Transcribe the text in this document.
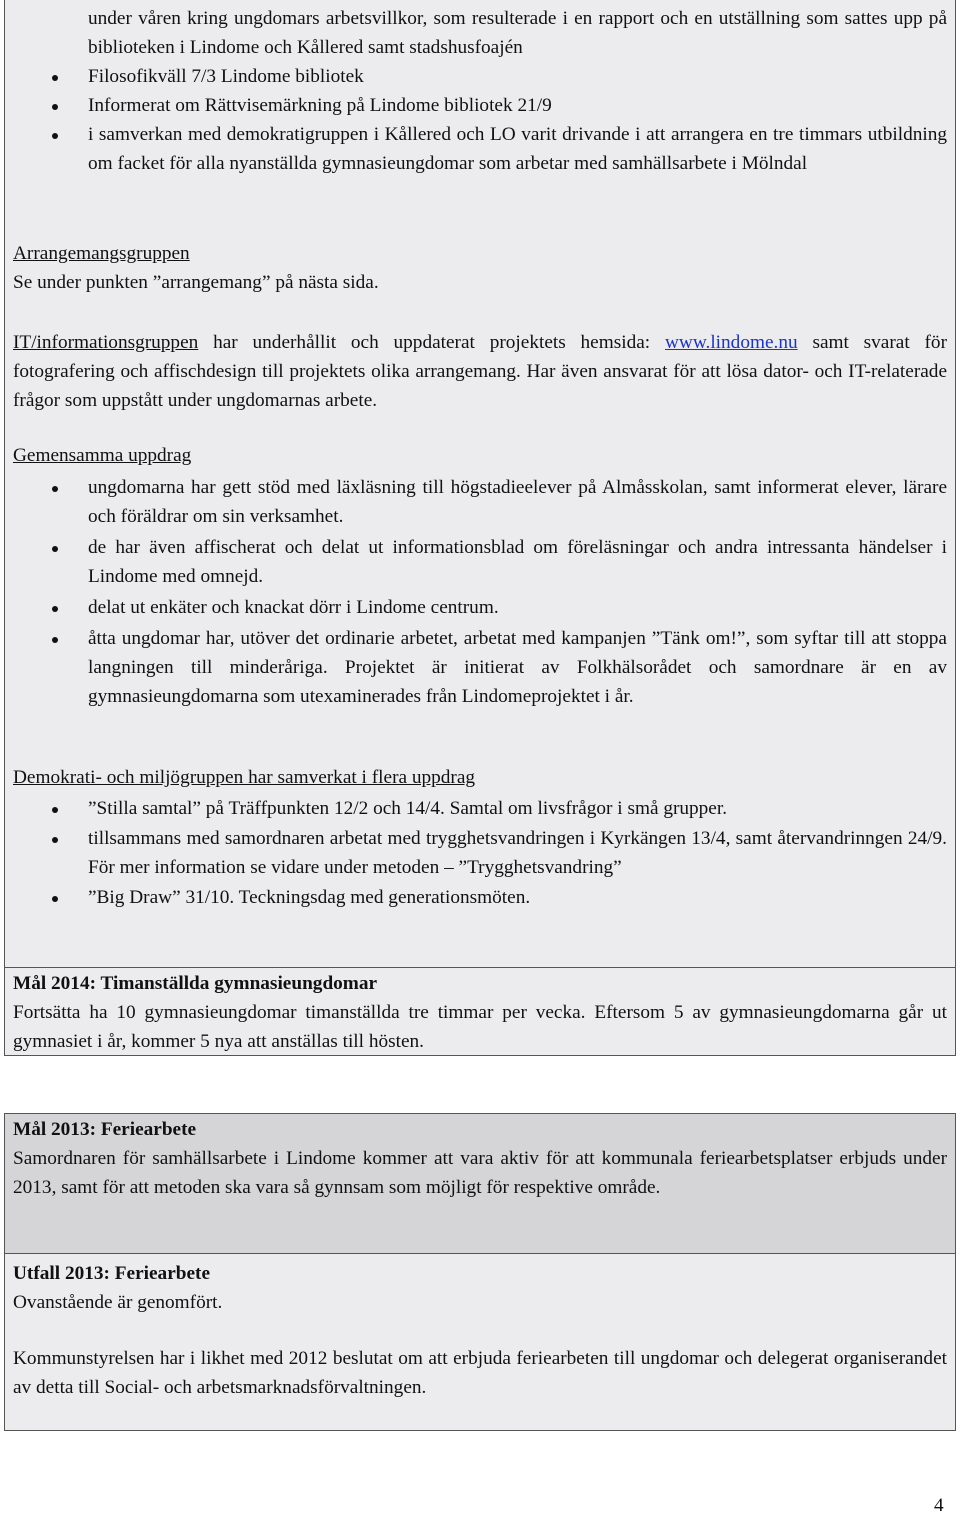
under våren kring ungdomars arbetsvillkor, som resulterade i en rapport och en utställning som sattes upp på biblioteken i Lindome och Kållered samt stadshusfoajén
Filosofikväll 7/3 Lindome bibliotek
Informerat om Rättvisemärkning på Lindome bibliotek 21/9
i samverkan med demokratigruppen i Kållered och LO varit drivande i att arrangera en tre timmars utbildning om facket för alla nyanställda gymnasieungdomar som arbetar med samhällsarbete i Mölndal

Arrangemangsgruppen

Se under punkten ”arrangemang” på nästa sida.

IT/informationsgruppen har underhållit och uppdaterat projektets hemsida: www.lindome.nu samt svarat för fotografering och affischdesign till projektets olika arrangemang. Har även ansvarat för att lösa dator- och IT-relaterade frågor som uppstått under ungdomarnas arbete.

Gemensamma uppdrag

ungdomarna har gett stöd med läxläsning till högstadieelever på Almåsskolan, samt informerat elever, lärare och föräldrar om sin verksamhet.
de har även affischerat och delat ut informationsblad om föreläsningar och andra intressanta händelser i Lindome med omnejd.
delat ut enkäter och knackat dörr i Lindome centrum.
åtta ungdomar har, utöver det ordinarie arbetet, arbetat med kampanjen ”Tänk om!”, som syftar till att stoppa langningen till minderåriga. Projektet är initierat av Folkhälsorådet och samordnare är en av gymnasieungdomarna som utexaminerades från Lindomeprojektet i år.

Demokrati- och miljögruppen har samverkat i flera uppdrag

”Stilla samtal” på Träffpunkten 12/2 och 14/4. Samtal om livsfrågor i små grupper.
tillsammans med samordnaren arbetat med trygghetsvandringen i Kyrkängen 13/4, samt återvandrinngen 24/9. För mer information se vidare under metoden – ”Trygghetsvandring”
”Big Draw” 31/10. Teckningsdag med generationsmöten.

Mål 2014: Timanställda gymnasieungdomar

Fortsätta ha 10 gymnasieungdomar timanställda tre timmar per vecka. Eftersom 5 av gymnasieungdomarna går ut gymnasiet i år, kommer 5 nya att anställas till hösten.

Mål 2013: Feriearbete

Samordnaren för samhällsarbete i Lindome kommer att vara aktiv för att kommunala feriearbetsplatser erbjuds under 2013, samt för att metoden ska vara så gynnsam som möjligt för respektive område.

Utfall 2013: Feriearbete

Ovanstående är genomfört.

Kommunstyrelsen har i likhet med 2012 beslutat om att erbjuda feriearbeten till ungdomar och delegerat organiserandet av detta till Social- och arbetsmarknadsförvaltningen.

4
